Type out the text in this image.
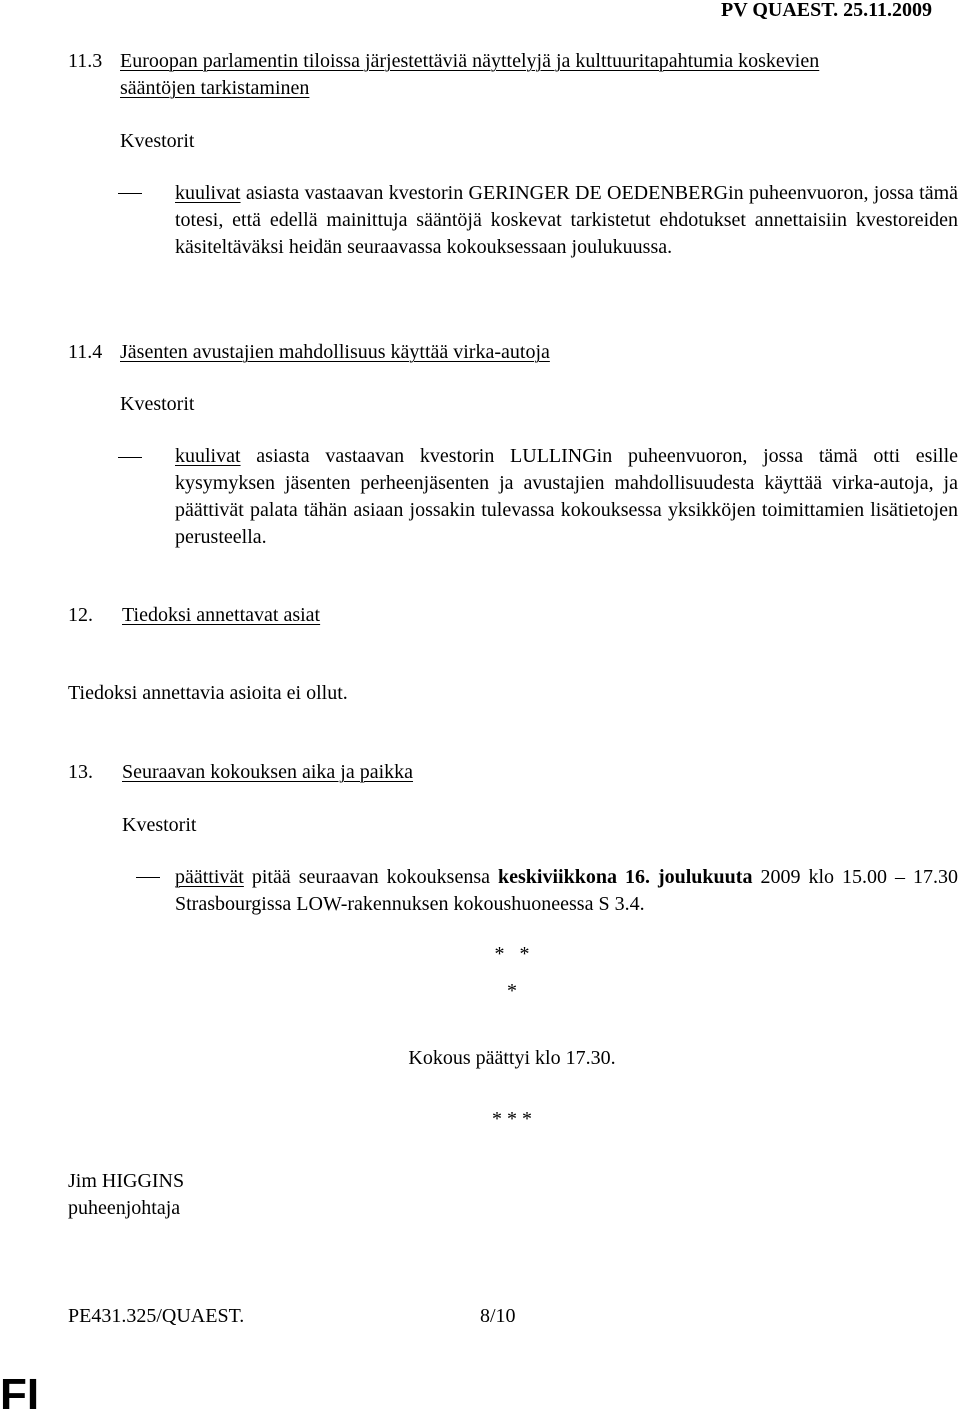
PV QUAEST. 25.11.2009
11.3 Euroopan parlamentin tiloissa järjestettäviä näyttelyjä ja kulttuuritapahtumia koskevien
sääntöjen tarkistaminen
Kvestorit
kuulivat asiasta vastaavan kvestorin GERINGER DE OEDENBERGin puheenvuoron, jossa tämä totesi, että edellä mainittuja sääntöjä koskevat tarkistetut ehdotukset annettaisiin kvestoreiden käsiteltäväksi heidän seuraavassa kokouksessaan joulukuussa.
11.4 Jäsenten avustajien mahdollisuus käyttää virka-autoja
Kvestorit
kuulivat asiasta vastaavan kvestorin LULLINGin puheenvuoron, jossa tämä otti esille kysymyksen jäsenten perheenjäsenten ja avustajien mahdollisuudesta käyttää virka-autoja, ja päättivät palata tähän asiaan jossakin tulevassa kokouksessa yksikköjen toimittamien lisätietojen perusteella.
12. Tiedoksi annettavat asiat
Tiedoksi annettavia asioita ei ollut.
13. Seuraavan kokouksen aika ja paikka
Kvestorit
päättivät pitää seuraavan kokouksensa keskiviikkona 16. joulukuuta 2009 klo 15.00 – 17.30 Strasbourgissa LOW-rakennuksen kokoushuoneessa S 3.4.
*   *
*
Kokous päättyi klo 17.30.
* * *
Jim HIGGINS
puheenjohtaja
PE431.325/QUAEST.	8/10
FI
